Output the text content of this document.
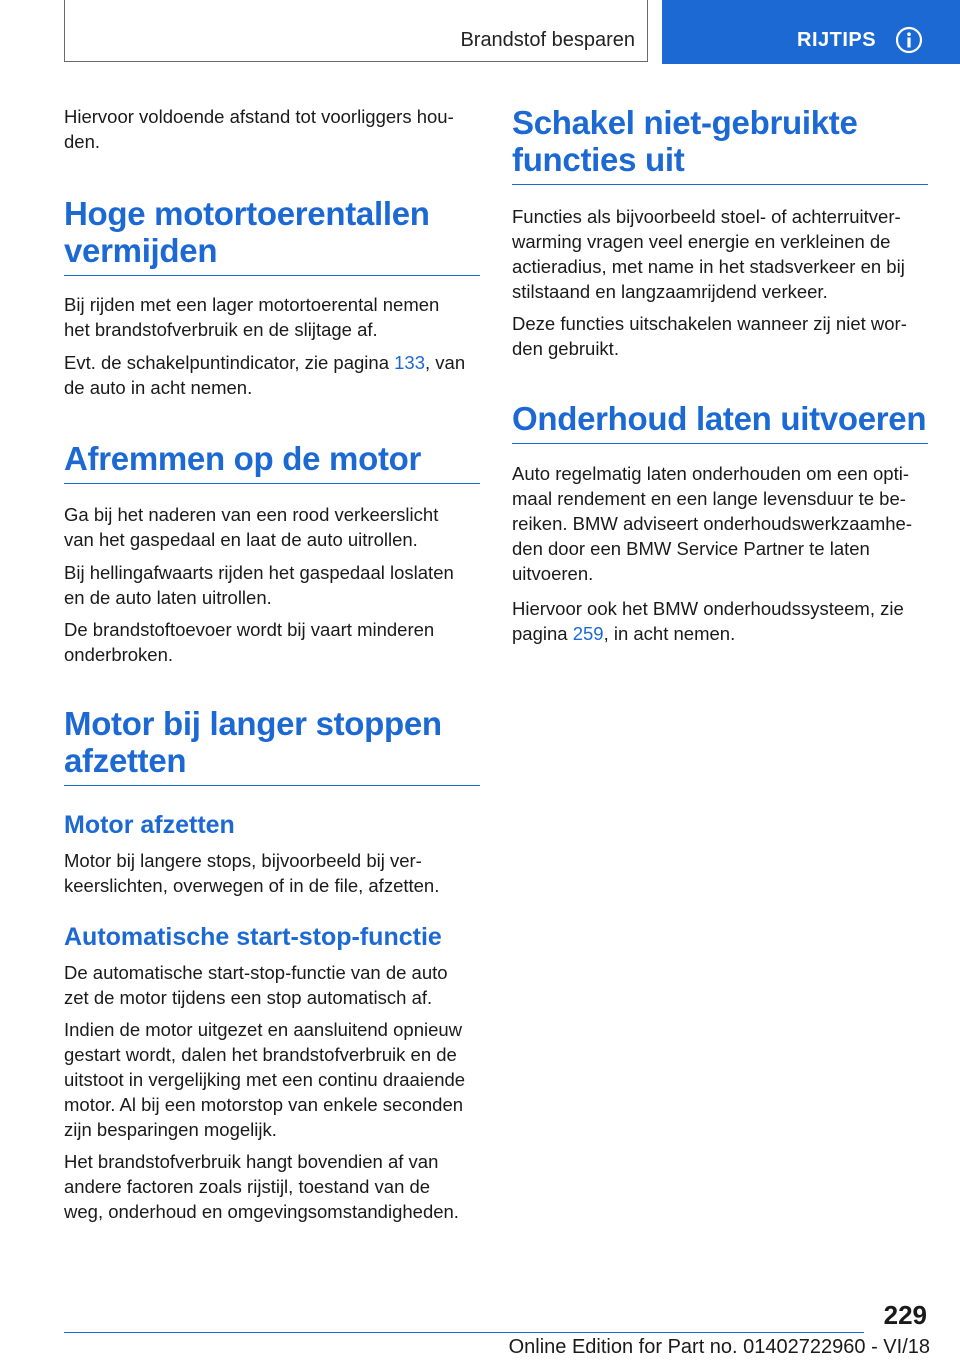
Brandstof besparen	RIJTIPS

Hiervoor voldoende afstand tot voorliggers hou-
den.

Hoge motortoerentallen
vermijden

Bij rijden met een lager motortoerental nemen
het brandstofverbruik en de slijtage af.

Evt. de schakelpuntindicator, zie pagina 133, van
de auto in acht nemen.

Afremmen op de motor

Ga bij het naderen van een rood verkeerslicht
van het gaspedaal en laat de auto uitrollen.

Bij hellingafwaarts rijden het gaspedaal loslaten
en de auto laten uitrollen.

De brandstoftoevoer wordt bij vaart minderen
onderbroken.

Motor bij langer stoppen
afzetten
Motor afzetten

Motor bij langere stops, bijvoorbeeld bij ver-
keerslichten, overwegen of in de file, afzetten.

Automatische start-stop-functie

De automatische start-stop-functie van de auto
zet de motor tijdens een stop automatisch af.

Indien de motor uitgezet en aansluitend opnieuw
gestart wordt, dalen het brandstofverbruik en de
uitstoot in vergelijking met een continu draaiende
motor. Al bij een motorstop van enkele seconden
zijn besparingen mogelijk.

Het brandstofverbruik hangt bovendien af van
andere factoren zoals rijstijl, toestand van de
weg, onderhoud en omgevingsomstandigheden.

Schakel niet-gebruikte
functies uit

Functies als bijvoorbeeld stoel- of achterruitver-
warming vragen veel energie en verkleinen de
actieradius, met name in het stadsverkeer en bij
stilstaand en langzaamrijdend verkeer.

Deze functies uitschakelen wanneer zij niet wor-
den gebruikt.

Onderhoud laten uitvoeren

Auto regelmatig laten onderhouden om een opti-
maal rendement en een lange levensduur te be-
reiken. BMW adviseert onderhoudswerkzaamhe-
den door een BMW Service Partner te laten
uitvoeren.

Hiervoor ook het BMW onderhoudssysteem, zie
pagina 259, in acht nemen.

229
Online Edition for Part no. 01402722960 - VI/18
